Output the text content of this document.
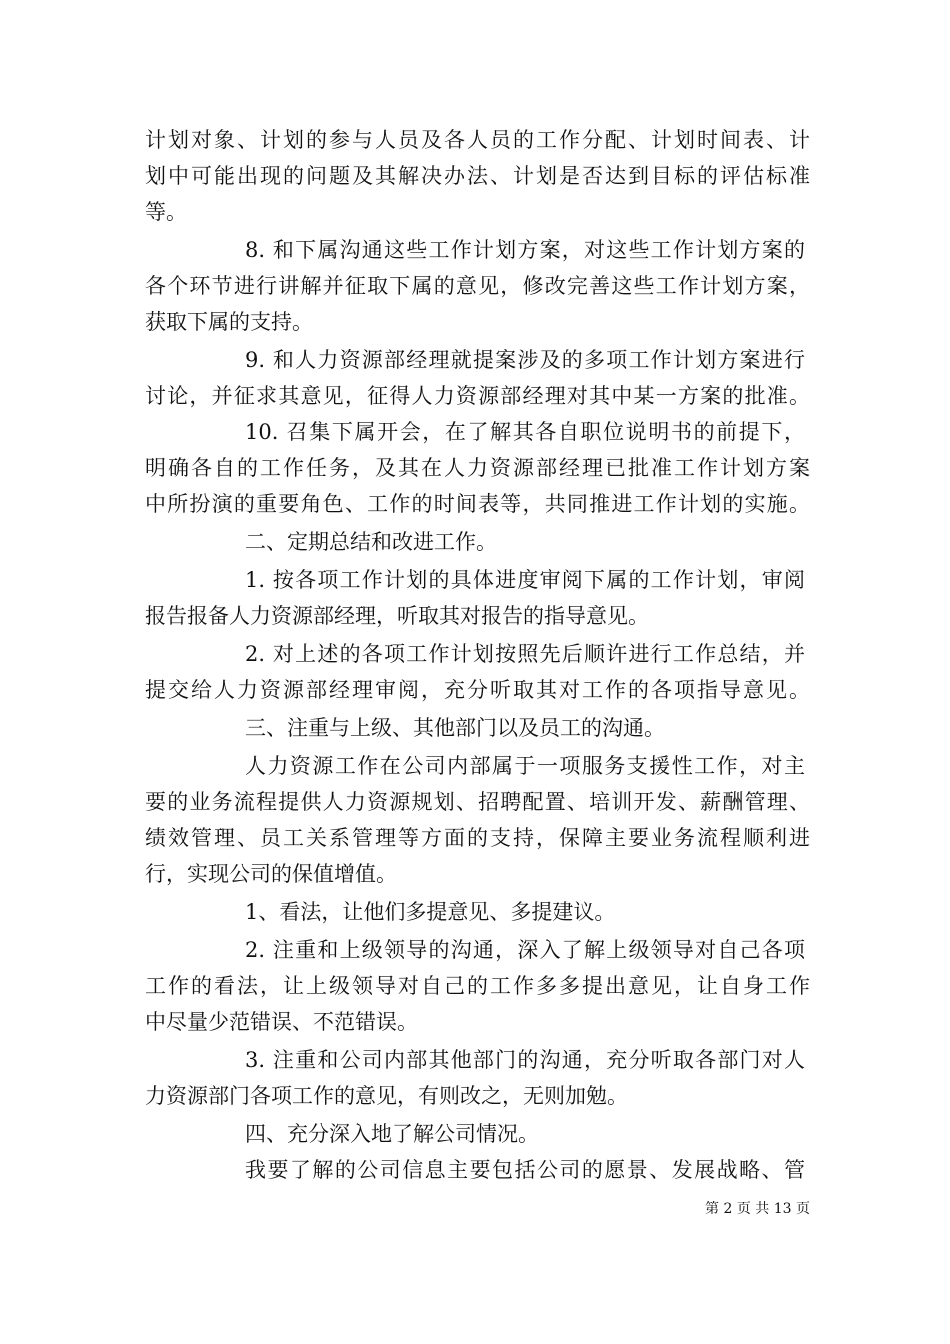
计划对象、计划的参与人员及各人员的工作分配、计划时间表、计
划中可能出现的问题及其解决办法、计划是否达到目标的评估标准
等。
8. 和下属沟通这些工作计划方案，对这些工作计划方案的
各个环节进行讲解并征取下属的意见，修改完善这些工作计划方案，
获取下属的支持。
9. 和人力资源部经理就提案涉及的多项工作计划方案进行
讨论，并征求其意见，征得人力资源部经理对其中某一方案的批准。
10. 召集下属开会，在了解其各自职位说明书的前提下，
明确各自的工作任务，及其在人力资源部经理已批准工作计划方案
中所扮演的重要角色、工作的时间表等，共同推进工作计划的实施。
二、定期总结和改进工作。
1. 按各项工作计划的具体进度审阅下属的工作计划，审阅
报告报备人力资源部经理，听取其对报告的指导意见。
2. 对上述的各项工作计划按照先后顺许进行工作总结，并
提交给人力资源部经理审阅，充分听取其对工作的各项指导意见。
三、注重与上级、其他部门以及员工的沟通。
人力资源工作在公司内部属于一项服务支援性工作，对主
要的业务流程提供人力资源规划、招聘配置、培训开发、薪酬管理、
绩效管理、员工关系管理等方面的支持，保障主要业务流程顺利进
行，实现公司的保值增值。
1、看法，让他们多提意见、多提建议。
2. 注重和上级领导的沟通，深入了解上级领导对自己各项
工作的看法，让上级领导对自己的工作多多提出意见，让自身工作
中尽量少范错误、不范错误。
3. 注重和公司内部其他部门的沟通，充分听取各部门对人
力资源部门各项工作的意见，有则改之，无则加勉。
四、充分深入地了解公司情况。
我要了解的公司信息主要包括公司的愿景、发展战略、管
第 2 页 共 13 页
